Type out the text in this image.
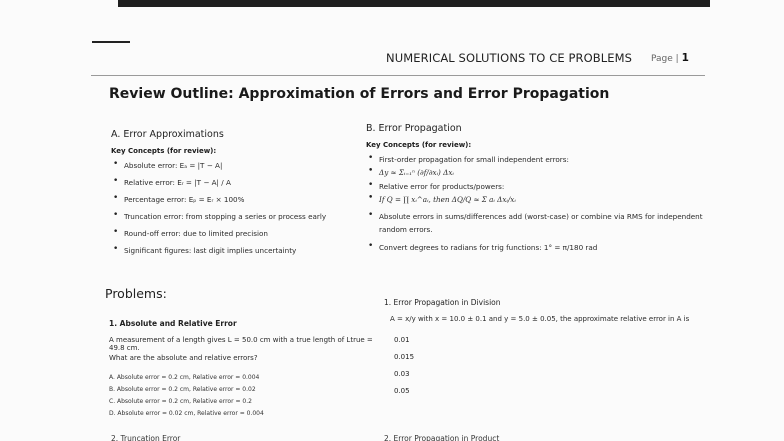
NUMERICAL SOLUTIONS TO CE PROBLEMS Page | 1
Review Outline: Approximation of Errors and Error Propagation
A. Error Approximations
Key Concepts (for review):
• Absolute error: Eₐ = |T − A|
• Relative error: Eᵣ = |T − A| / A
• Percentage error: Eₚ = Eᵣ × 100%
• Truncation error: from stopping a series or process early
• Round-off error: due to limited precision
• Significant figures: last digit implies uncertainty
B. Error Propagation
Key Concepts (for review):
• First-order propagation for small independent errors:
• Δy ≈ Σᵢ₌₁ⁿ (∂f/∂xᵢ) Δxᵢ
• Relative error for products/powers:
• If Q = ∏ xᵢ^aᵢ, then ΔQ/Q ≈ Σ aᵢ Δxᵢ/xᵢ
• Absolute errors in sums/differences add (worst-case) or combine via RMS for independent random errors.
• Convert degrees to radians for trig functions: 1° = π/180 rad
Problems:
1. Absolute and Relative Error
A measurement of a length gives L = 50.0 cm with a true length of Ltrue = 49.8 cm.
What are the absolute and relative errors?
A. Absolute error = 0.2 cm, Relative error = 0.004
B. Absolute error = 0.2 cm, Relative error = 0.02
C. Absolute error = 0.2 cm, Relative error = 0.2
D. Absolute error = 0.02 cm, Relative error = 0.004
2. Truncation Error
1. Error Propagation in Division
A = x/y with x = 10.0 ± 0.1 and y = 5.0 ± 0.05, the approximate relative error in A is
0.01
0.015
0.03
0.05
2. Error Propagation in Product
